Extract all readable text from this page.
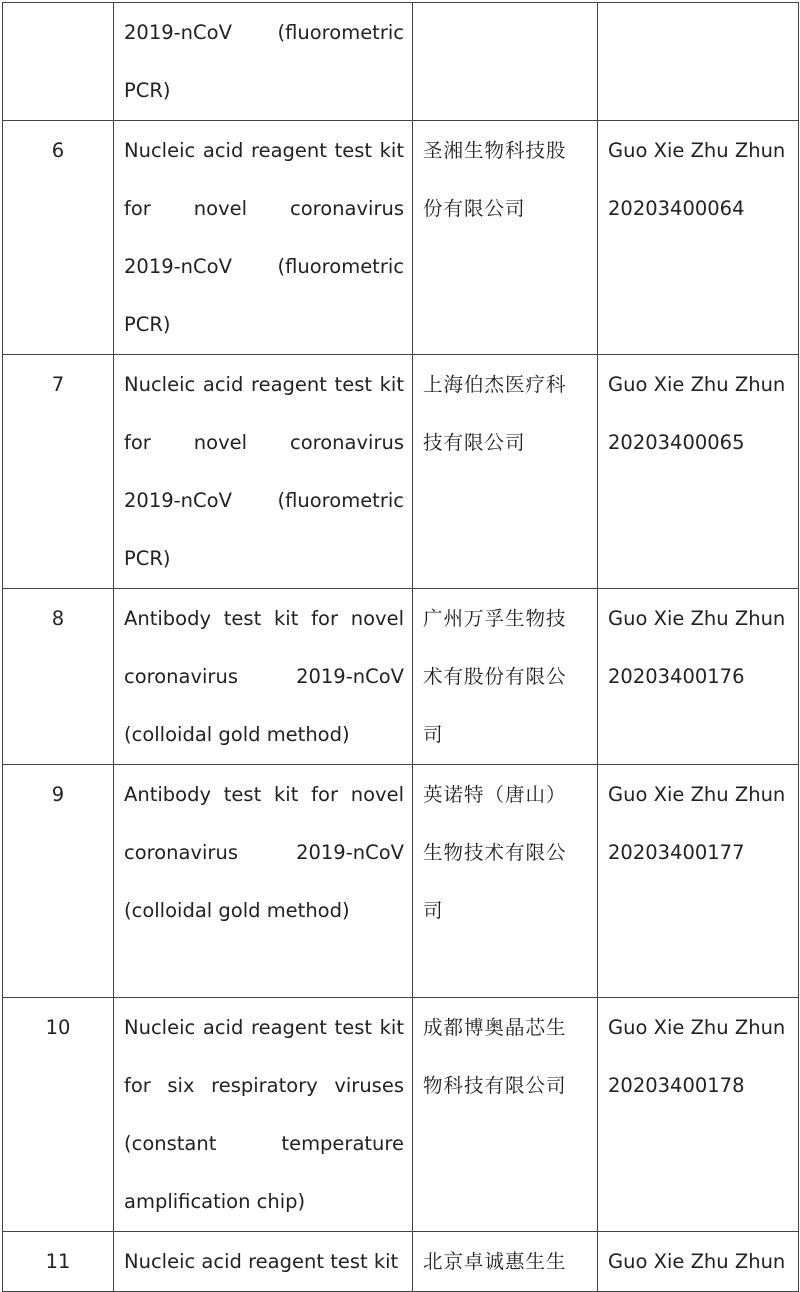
	2019-nCoV (fluorometric
PCR)		

6	Nucleic acid reagent test kit
for novel coronavirus
2019-nCoV (fluorometric
PCR)	圣湘生物科技股
份有限公司	Guo Xie Zhu Zhun
20203400064

7	Nucleic acid reagent test kit
for novel coronavirus
2019-nCoV (fluorometric
PCR)	上海伯杰医疗科
技有限公司	Guo Xie Zhu Zhun
20203400065

8	Antibody test kit for novel
coronavirus 2019-nCoV
(colloidal gold method)	广州万孚生物技
术有股份有限公
司	Guo Xie Zhu Zhun
20203400176

9	Antibody test kit for novel
coronavirus 2019-nCoV
(colloidal gold method)	英诺特（唐山）
生物技术有限公
司	Guo Xie Zhu Zhun
20203400177

10	Nucleic acid reagent test kit
for six respiratory viruses
(constant temperature
amplification chip)	成都博奥晶芯生
物科技有限公司	Guo Xie Zhu Zhun
20203400178

11	Nucleic acid reagent test kit	北京卓诚惠生生	Guo Xie Zhu Zhun
